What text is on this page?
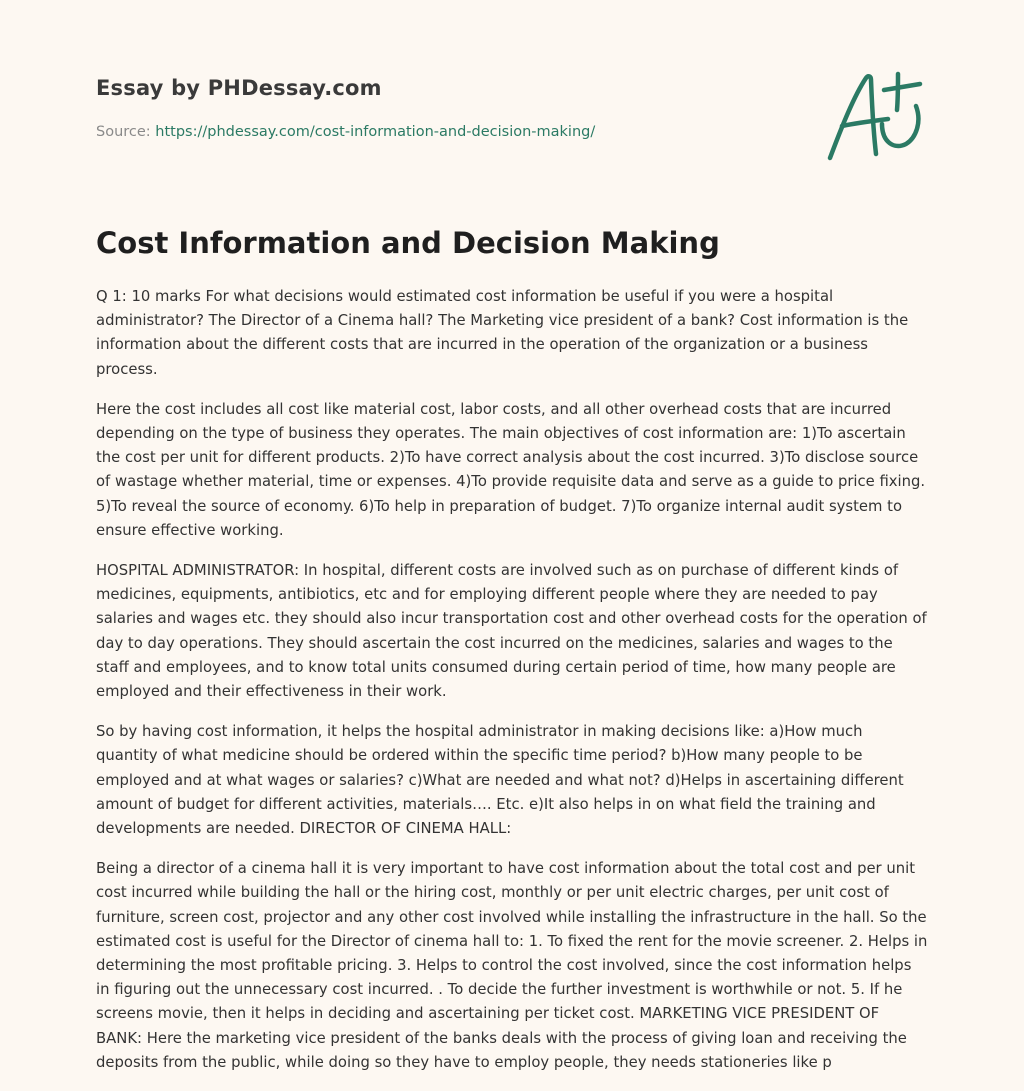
Essay by PHDessay.com
Source: https://phdessay.com/cost-information-and-decision-making/
Cost Information and Decision Making

Q 1: 10 marks For what decisions would estimated cost information be useful if you were a hospital administrator? The Director of a Cinema hall? The Marketing vice president of a bank? Cost information is the information about the different costs that are incurred in the operation of the organization or a business process.

Here the cost includes all cost like material cost, labor costs, and all other overhead costs that are incurred depending on the type of business they operates. The main objectives of cost information are: 1)To ascertain the cost per unit for different products. 2)To have correct analysis about the cost incurred. 3)To disclose source of wastage whether material, time or expenses. 4)To provide requisite data and serve as a guide to price fixing. 5)To reveal the source of economy. 6)To help in preparation of budget. 7)To organize internal audit system to ensure effective working.

HOSPITAL ADMINISTRATOR: In hospital, different costs are involved such as on purchase of different kinds of medicines, equipments, antibiotics, etc and for employing different people where they are needed to pay salaries and wages etc. they should also incur transportation cost and other overhead costs for the operation of day to day operations. They should ascertain the cost incurred on the medicines, salaries and wages to the staff and employees, and to know total units consumed during certain period of time, how many people are employed and their effectiveness in their work.

So by having cost information, it helps the hospital administrator in making decisions like: a)How much quantity of what medicine should be ordered within the specific time period? b)How many people to be employed and at what wages or salaries? c)What are needed and what not? d)Helps in ascertaining different amount of budget for different activities, materials…. Etc. e)It also helps in on what field the training and developments are needed. DIRECTOR OF CINEMA HALL:

Being a director of a cinema hall it is very important to have cost information about the total cost and per unit cost incurred while building the hall or the hiring cost, monthly or per unit electric charges, per unit cost of furniture, screen cost, projector and any other cost involved while installing the infrastructure in the hall. So the estimated cost is useful for the Director of cinema hall to: 1. To fixed the rent for the movie screener. 2. Helps in determining the most profitable pricing. 3. Helps to control the cost involved, since the cost information helps in figuring out the unnecessary cost incurred. . To decide the further investment is worthwhile or not. 5. If he screens movie, then it helps in deciding and ascertaining per ticket cost. MARKETING VICE PRESIDENT OF BANK: Here the marketing vice president of the banks deals with the process of giving loan and receiving the deposits from the public, while doing so they have to employ people, they needs stationeries like p
